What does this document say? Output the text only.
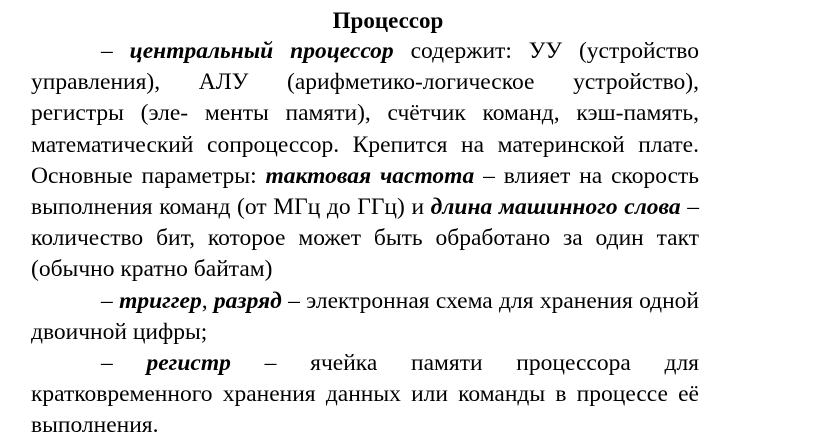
Процессор

– центральный процессор содержит: УУ (устройство управления), АЛУ (арифметико-логическое устройство), регистры (эле- менты памяти), счётчик команд, кэш-память, математический сопроцессор. Крепится на материнской плате. Основные параметры: тактовая частота – влияет на скорость выполнения команд (от МГц до ГГц) и длина машинного слова – количество бит, которое может быть обработано за один такт (обычно кратно байтам)

– триггер, разряд – электронная схема для хранения одной двоичной цифры;

– регистр – ячейка памяти процессора для кратковременного хранения данных или команды в процессе её выполнения.
